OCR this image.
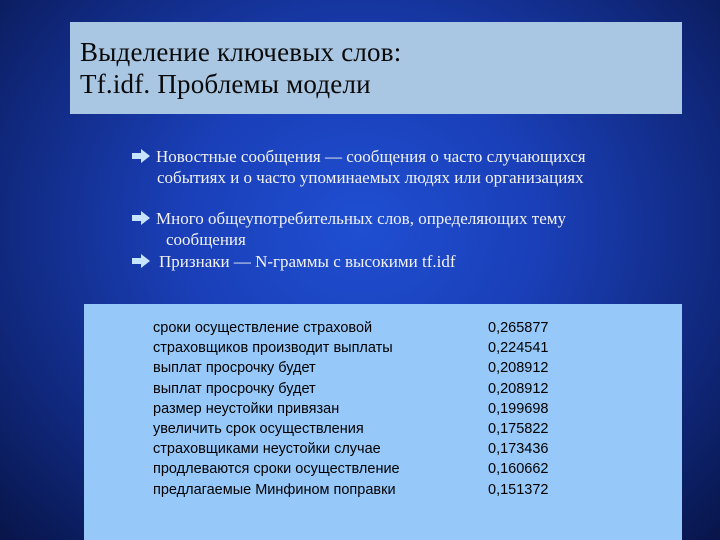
Выделение ключевых слов:
Tf.idf. Проблемы модели

Новостные сообщения — сообщения о часто случающихся
событиях и о часто упоминаемых людях или организациях

Много общеупотребительных слов, определяющих тему
сообщения

Признаки — N-граммы с высокими tf.idf

сроки осуществление страховой	0,265877
страховщиков производит выплаты	0,224541
выплат просрочку будет	0,208912
выплат просрочку будет	0,208912
размер неустойки привязан	0,199698
увеличить срок осуществления	0,175822
страховщиками неустойки случае	0,173436
продлеваются сроки осуществление	0,160662
предлагаемые Минфином поправки	0,151372
